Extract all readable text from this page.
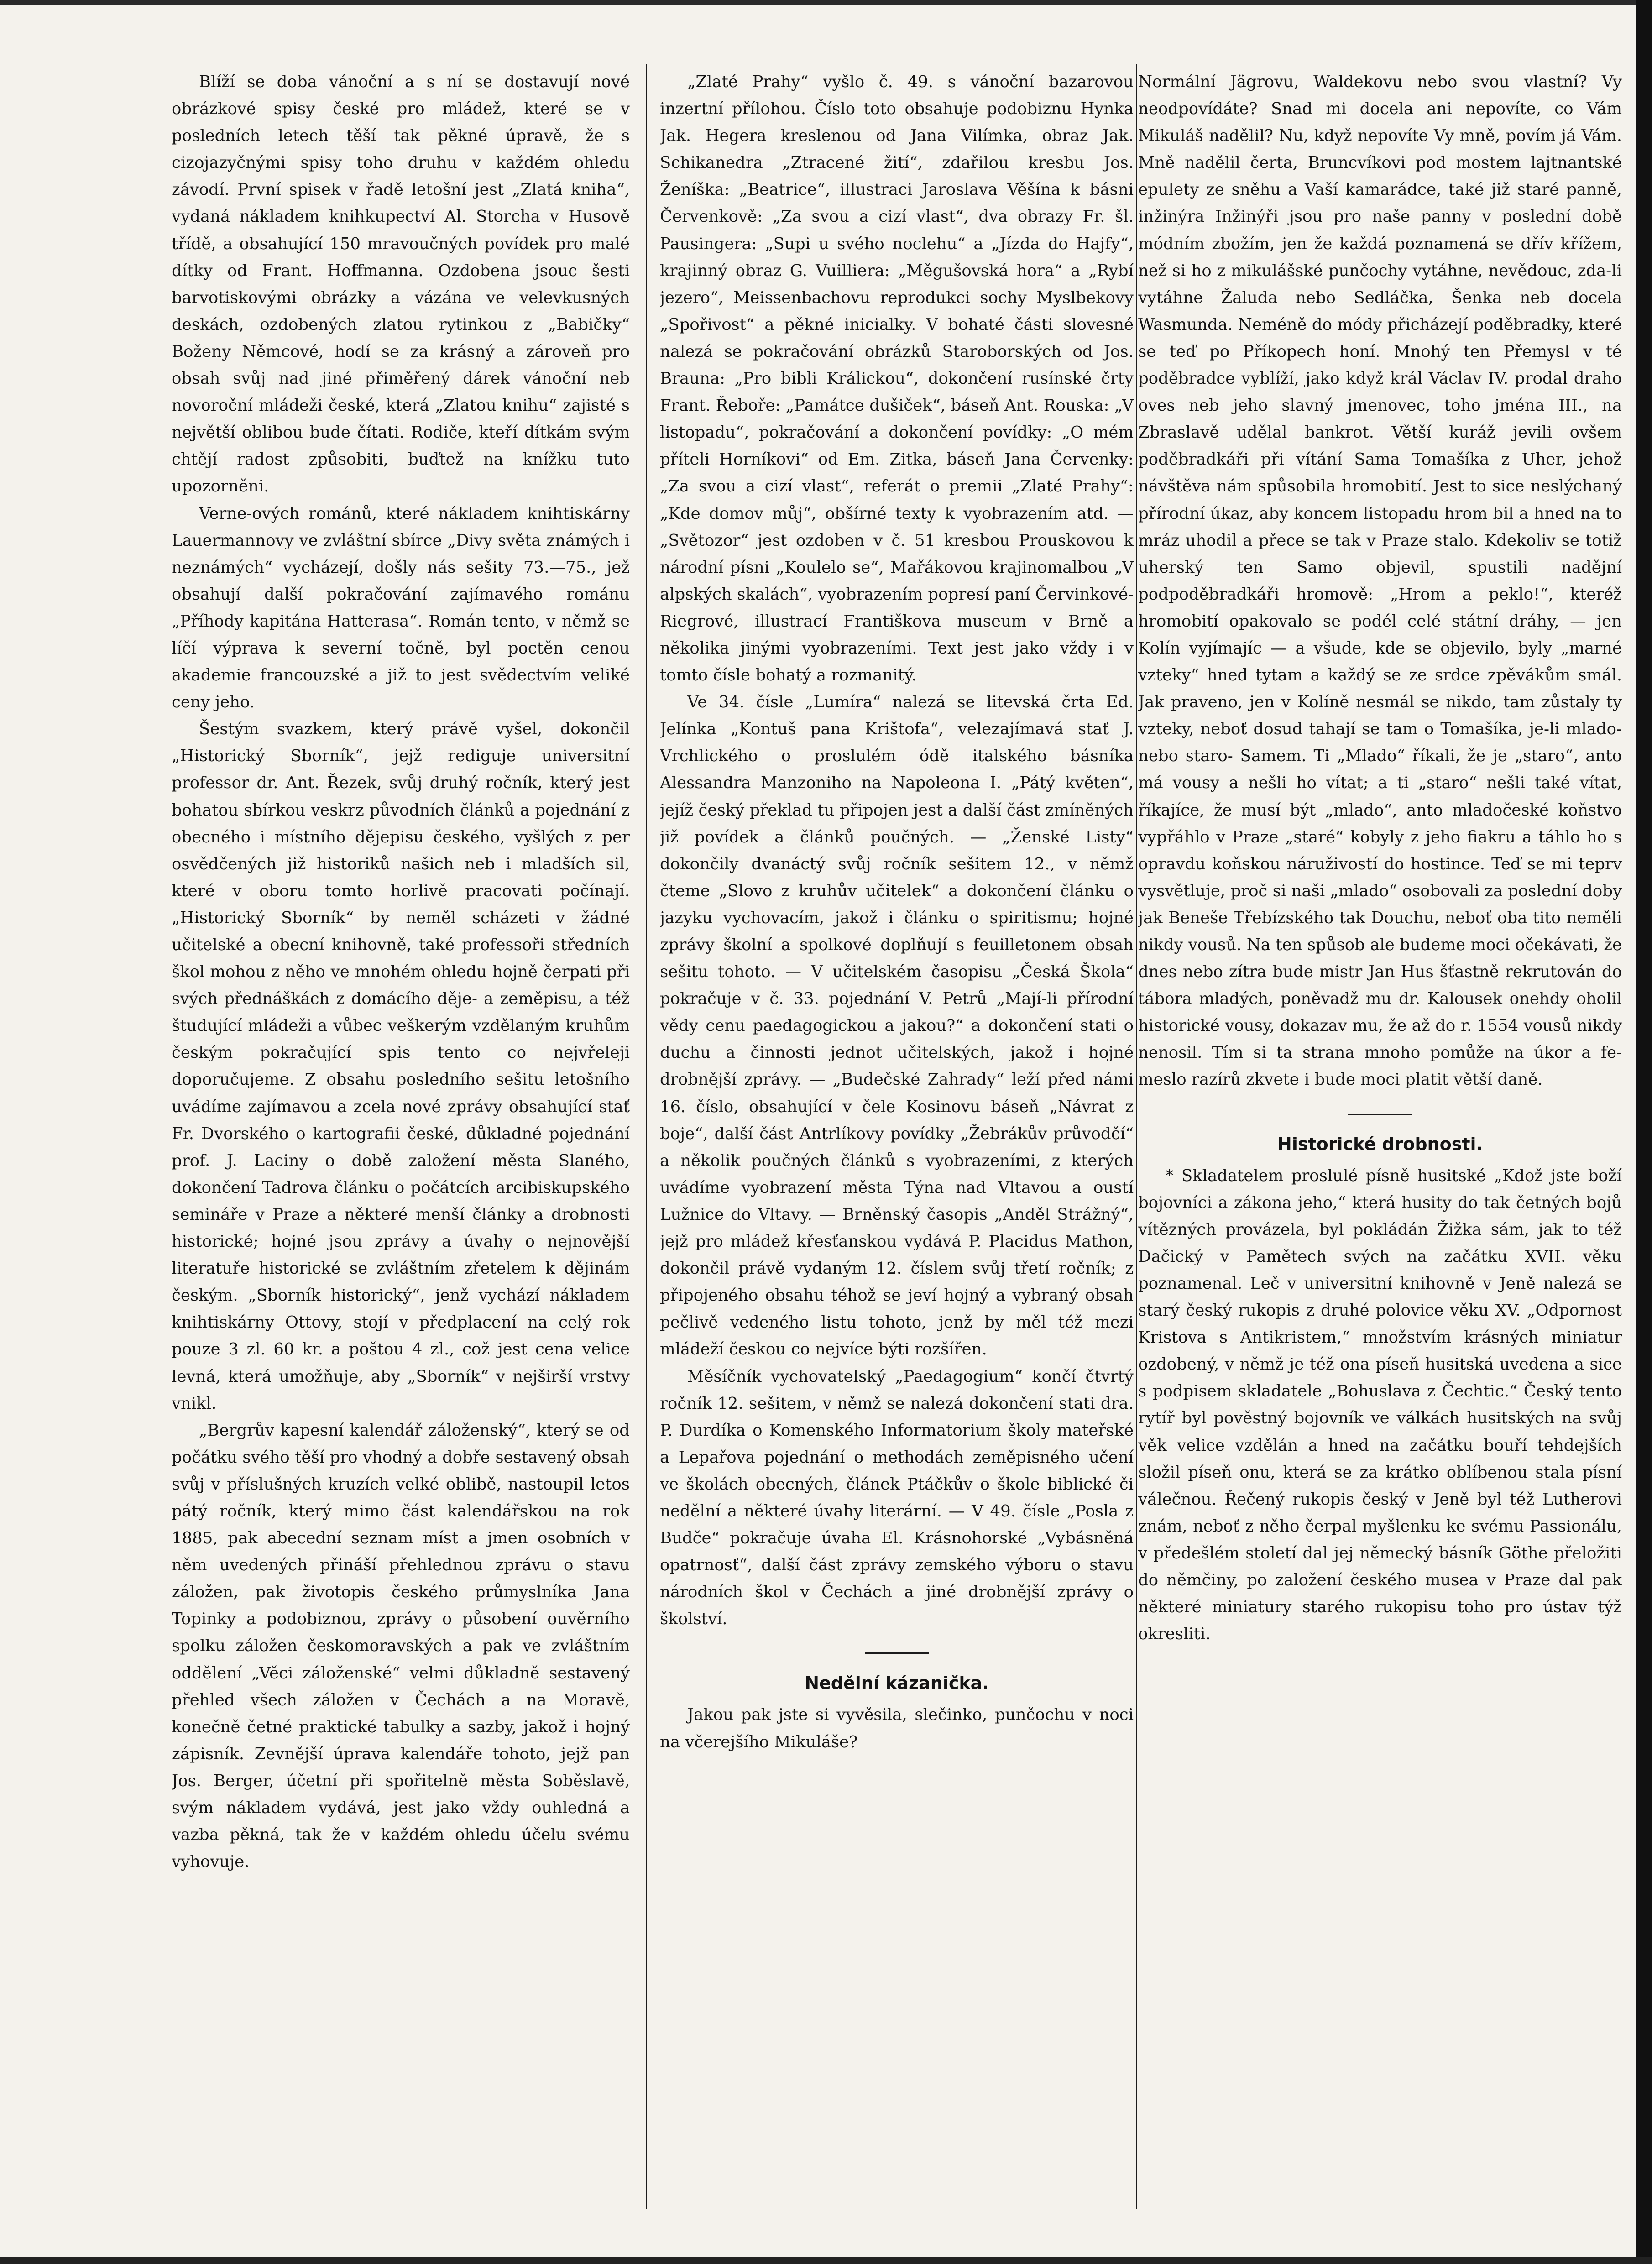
Blíží se doba vánoční a s ní se dostavují nové obrázkové spisy české pro mládež, které se v posledních letech těší tak pěkné úpravě, že s cizojazyčnými spisy toho druhu v každém ohledu závodí. První spisek v řadě letošní jest „Zlatá kniha“, vydaná nákladem knihkupectví Al. Storcha v Husově třídě, a obsahující 150 mravoučných povídek pro malé dítky od Frant. Hoffmanna. Ozdobena jsouc šesti barvotiskovými obrázky a vázána ve velevkusných deskách, ozdobených zlatou rytinkou z „Babičky“ Boženy Němcové, hodí se za krásný a zároveň pro obsah svůj nad jiné přiměřený dárek vánoční neb novoroční mládeži české, která „Zlatou knihu“ zajisté s největší oblibou bude čítati. Rodiče, kteří dítkám svým chtějí radost způsobiti, buďtež na knížku tuto upozorněni.

Verne-ových románů, které nákladem knihtiskárny Lauermannovy ve zvláštní sbírce „Divy světa známých i neznámých“ vycházejí, došly nás sešity 73.—75., jež obsahují další pokračování zajímavého románu „Příhody kapitána Hatterasa“. Román tento, v němž se líčí výprava k severní točně, byl poctěn cenou akademie francouzské a již to jest svědectvím veliké ceny jeho.

Šestým svazkem, který právě vyšel, dokončil „Historický Sborník“, jejž rediguje universitní professor dr. Ant. Řezek, svůj druhý ročník, který jest bohatou sbírkou veskrz původních článků a pojednání z obecného i místního dějepisu českého, vyšlých z per osvědčených již historiků našich neb i mladších sil, které v oboru tomto horlivě pracovati počínají. „Historický Sborník“ by neměl scházeti v žádné učitelské a obecní knihovně, také professoři středních škol mohou z něho ve mnohém ohledu hojně čerpati při svých přednáškách z domácího děje- a zeměpisu, a též študující mládeži a vůbec veškerým vzdělaným kruhům českým pokračující spis tento co nejvřeleji doporučujeme. Z obsahu posledního sešitu letošního uvádíme zajímavou a zcela nové zprávy obsahující stať Fr. Dvorského o kartografii české, důkladné pojednání prof. J. Laciny o době založení města Slaného, dokončení Tadrova článku o počátcích arcibiskupského semináře v Praze a některé menší články a drobnosti historické; hojné jsou zprávy a úvahy o nejnovější literatuře historické se zvláštním zřetelem k dějinám českým. „Sborník historický“, jenž vychází nákladem knihtiskárny Ottovy, stojí v předplacení na celý rok pouze 3 zl. 60 kr. a poštou 4 zl., což jest cena velice levná, která umožňuje, aby „Sborník“ v nejširší vrstvy vnikl.

„Bergrův kapesní kalendář záloženský“, který se od počátku svého těší pro vhodný a dobře sestavený obsah svůj v příslušných kruzích velké oblibě, nastoupil letos pátý ročník, který mimo část kalendářskou na rok 1885, pak abecední seznam míst a jmen osobních v něm uvedených přináší přehlednou zprávu o stavu záložen, pak životopis českého průmyslníka Jana Topinky a podobiznou, zprávy o působení ouvěrního spolku záložen českomoravských a pak ve zvláštním oddělení „Věci záloženské“ velmi důkladně sestavený přehled všech záložen v Čechách a na Moravě, konečně četné praktické tabulky a sazby, jakož i hojný zápisník. Zevnější úprava kalendáře tohoto, jejž pan Jos. Berger, účetní při spořitelně města Soběslavě, svým nákladem vydává, jest jako vždy ouhledná a vazba pěkná, tak že v každém ohledu účelu svému vyhovuje.

„Zlaté Prahy“ vyšlo č. 49. s vánoční bazarovou inzertní přílohou. Číslo toto obsahuje podobiznu Hynka Jak. Hegera kreslenou od Jana Vilímka, obraz Jak. Schikanedra „Ztracené žití“, zdařilou kresbu Jos. Ženíška: „Beatrice“, illustraci Jaroslava Věšína k básni Červenkově: „Za svou a cizí vlast“, dva obrazy Fr. šl. Pausingera: „Supi u svého noclehu“ a „Jízda do Hajfy“, krajinný obraz G. Vuilliera: „Měgušovská hora“ a „Rybí jezero“, Meissenbachovu reprodukci sochy Myslbekovy „Spořivost“ a pěkné inicialky. V bohaté části slovesné nalezá se pokračování obrázků Staroborských od Jos. Brauna: „Pro bibli Králickou“, dokončení rusínské črty Frant. Řeboře: „Památce dušiček“, báseň Ant. Rouska: „V listopadu“, pokračování a dokončení povídky: „O mém příteli Horníkovi“ od Em. Zitka, báseň Jana Červenky: „Za svou a cizí vlast“, referát o premii „Zlaté Prahy“: „Kde domov můj“, obšírné texty k vyobrazením atd. — „Světozor“ jest ozdoben v č. 51 kresbou Prouskovou k národní písni „Koulelo se“, Mařákovou krajinomalbou „V alpských skalách“, vyobrazením popresí paní Červinkové-Riegrové, illustrací Františkova museum v Brně a několika jinými vyobrazeními. Text jest jako vždy i v tomto čísle bohatý a rozmanitý.

Ve 34. čísle „Lumíra“ nalezá se litevská črta Ed. Jelínka „Kontuš pana Krištofa“, velezajímavá stať J. Vrchlického o proslulém ódě italského básníka Alessandra Manzoniho na Napoleona I. „Pátý květen“, jejíž český překlad tu připojen jest a další část zmíněných již povídek a článků poučných. — „Ženské Listy“ dokončily dvanáctý svůj ročník sešitem 12., v němž čteme „Slovo z kruhův učitelek“ a dokončení článku o jazyku vychovacím, jakož i článku o spiritismu; hojné zprávy školní a spolkové doplňují s feuilletonem obsah sešitu tohoto. — V učitelském časopisu „Česká Škola“ pokračuje v č. 33. pojednání V. Petrů „Mají-li přírodní vědy cenu paedagogickou a jakou?“ a dokončení stati o duchu a činnosti jednot učitelských, jakož i hojné drobnější zprávy. — „Budečské Zahrady“ leží před námi 16. číslo, obsahující v čele Kosinovu báseň „Návrat z boje“, další část Antrlíkovy povídky „Žebrákův průvodčí“ a několik poučných článků s vyobrazeními, z kterých uvádíme vyobrazení města Týna nad Vltavou a oustí Lužnice do Vltavy. — Brněnský časopis „Anděl Strážný“, jejž pro mládež křesťanskou vydává P. Placidus Mathon, dokončil právě vydaným 12. číslem svůj třetí ročník; z připojeného obsahu téhož se jeví hojný a vybraný obsah pečlivě vedeného listu tohoto, jenž by měl též mezi mládeží českou co nejvíce býti rozšířen.

Měsíčník vychovatelský „Paedagogium“ končí čtvrtý ročník 12. sešitem, v němž se nalezá dokončení stati dra. P. Durdíka o Komenského Informatorium školy mateřské a Lepařova pojednání o methodách zeměpisného učení ve školách obecných, článek Ptáčkův o škole biblické či nedělní a některé úvahy literární. — V 49. čísle „Posla z Budče“ pokračuje úvaha El. Krásnohorské „Vybásněná opatrnosť“, další část zprávy zemského výboru o stavu národních škol v Čechách a jiné drobnější zprávy o školství.

Nedělní kázanička.

Jakou pak jste si vyvěsila, slečinko, punčochu v noci na včerejšího Mikuláše?

Normální Jägrovu, Waldekovu nebo svou vlastní? Vy neodpovídáte? Snad mi docela ani nepovíte, co Vám Mikuláš nadělil? Nu, když nepovíte Vy mně, povím já Vám. Mně nadělil čerta, Bruncvíkovi pod mostem lajtnantské epulety ze sněhu a Vaší kamarádce, také již staré panně, inžinýra Inžinýři jsou pro naše panny v poslední době módním zbožím, jen že každá poznamená se dřív křížem, než si ho z mikulášské punčochy vytáhne, nevědouc, zda-li vytáhne Žaluda nebo Sedláčka, Šenka neb docela Wasmunda. Neméně do módy přicházejí poděbradky, které se teď po Příkopech honí. Mnohý ten Přemysl v té poděbradce vyblíží, jako když král Václav IV. prodal draho oves neb jeho slavný jmenovec, toho jména III., na Zbraslavě udělal bankrot. Větší kuráž jevili ovšem poděbradkáři při vítání Sama Tomašíka z Uher, jehož návštěva nám spůsobila hromobití. Jest to sice neslýchaný přírodní úkaz, aby koncem listopadu hrom bil a hned na to mráz uhodil a přece se tak v Praze stalo. Kdekoliv se totiž uherský ten Samo objevil, spustili nadějní podpoděbradkáři hromově: „Hrom a peklo!“, kteréž hromobití opakovalo se podél celé státní dráhy, — jen Kolín vyjímajíc — a všude, kde se objevilo, byly „marné vzteky“ hned tytam a každý se ze srdce zpěvákům smál. Jak praveno, jen v Kolíně nesmál se nikdo, tam zůstaly ty vzteky, neboť dosud tahají se tam o Tomašíka, je-li mlado- nebo staro- Samem. Ti „Mlado“ říkali, že je „staro“, anto má vousy a nešli ho vítat; a ti „staro“ nešli také vítat, říkajíce, že musí být „mlado“, anto mladočeské koňstvo vypřáhlo v Praze „staré“ kobyly z jeho fiakru a táhlo ho s opravdu koňskou náruživostí do hostince. Teď se mi teprv vysvětluje, proč si naši „mlado“ osobovali za poslední doby jak Beneše Třebízského tak Douchu, neboť oba tito neměli nikdy vousů. Na ten spůsob ale budeme moci očekávati, že dnes nebo zítra bude mistr Jan Hus šťastně rekrutován do tábora mladých, poněvadž mu dr. Kalousek onehdy oholil historické vousy, dokazav mu, že až do r. 1554 vousů nikdy nenosil. Tím si ta strana mnoho pomůže na úkor a fe-meslo razírů zkvete i bude moci platit větší daně.

Historické drobnosti.

* Skladatelem proslulé písně husitské „Kdož jste boží bojovníci a zákona jeho,“ která husity do tak četných bojů vítězných provázela, byl pokládán Žižka sám, jak to též Dačický v Pamětech svých na začátku XVII. věku poznamenal. Leč v universitní knihovně v Jeně nalezá se starý český rukopis z druhé polovice věku XV. „Odpornost Kristova s Antikristem,“ množstvím krásných miniatur ozdobený, v němž je též ona píseň husitská uvedena a sice s podpisem skladatele „Bohuslava z Čechtic.“ Český tento rytíř byl pověstný bojovník ve válkách husitských na svůj věk velice vzdělán a hned na začátku bouří tehdejších složil píseň onu, která se za krátko oblíbenou stala písní válečnou. Řečený rukopis český v Jeně byl též Lutherovi znám, neboť z něho čerpal myšlenku ke svému Passionálu, v předešlém století dal jej německý básník Göthe přeložiti do němčiny, po založení českého musea v Praze dal pak některé miniatury starého rukopisu toho pro ústav týž okresliti.
